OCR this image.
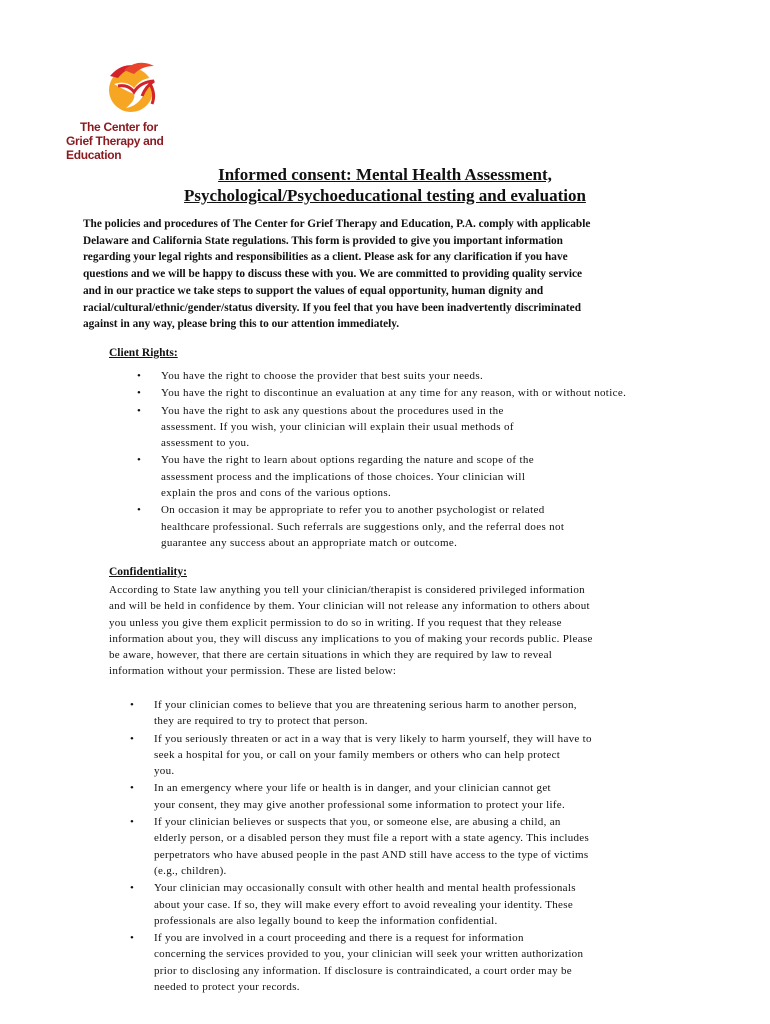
The Center for
Grief Therapy and Education
Informed consent: Mental Health Assessment,
Psychological/Psychoeducational testing and evaluation

The policies and procedures of The Center for Grief Therapy and Education, P.A. comply with applicable
Delaware and California State regulations. This form is provided to give you important information
regarding your legal rights and responsibilities as a client. Please ask for any clarification if you have
questions and we will be happy to discuss these with you. We are committed to providing quality service
and in our practice we take steps to support the values of equal opportunity, human dignity and
racial/cultural/ethnic/gender/status diversity. If you feel that you have been inadvertently discriminated
against in any way, please bring this to our attention immediately.

Client Rights:

• You have the right to choose the provider that best suits your needs.
• You have the right to discontinue an evaluation at any time for any reason, with or without notice.
• You have the right to ask any questions about the procedures used in the
assessment. If you wish, your clinician will explain their usual methods of
assessment to you.
• You have the right to learn about options regarding the nature and scope of the
assessment process and the implications of those choices. Your clinician will
explain the pros and cons of the various options.
• On occasion it may be appropriate to refer you to another psychologist or related
healthcare professional. Such referrals are suggestions only, and the referral does not
guarantee any success about an appropriate match or outcome.

Confidentiality:

According to State law anything you tell your clinician/therapist is considered privileged information
and will be held in confidence by them. Your clinician will not release any information to others about
you unless you give them explicit permission to do so in writing. If you request that they release
information about you, they will discuss any implications to you of making your records public. Please
be aware, however, that there are certain situations in which they are required by law to reveal
information without your permission. These are listed below:

• If your clinician comes to believe that you are threatening serious harm to another person,
they are required to try to protect that person.
• If you seriously threaten or act in a way that is very likely to harm yourself, they will have to
seek a hospital for you, or call on your family members or others who can help protect
you.
• In an emergency where your life or health is in danger, and your clinician cannot get
your consent, they may give another professional some information to protect your life.
• If your clinician believes or suspects that you, or someone else, are abusing a child, an
elderly person, or a disabled person they must file a report with a state agency. This includes
perpetrators who have abused people in the past AND still have access to the type of victims
(e.g., children).
• Your clinician may occasionally consult with other health and mental health professionals
about your case. If so, they will make every effort to avoid revealing your identity. These
professionals are also legally bound to keep the information confidential.
• If you are involved in a court proceeding and there is a request for information
concerning the services provided to you, your clinician will seek your written authorization
prior to disclosing any information. If disclosure is contraindicated, a court order may be
needed to protect your records.
